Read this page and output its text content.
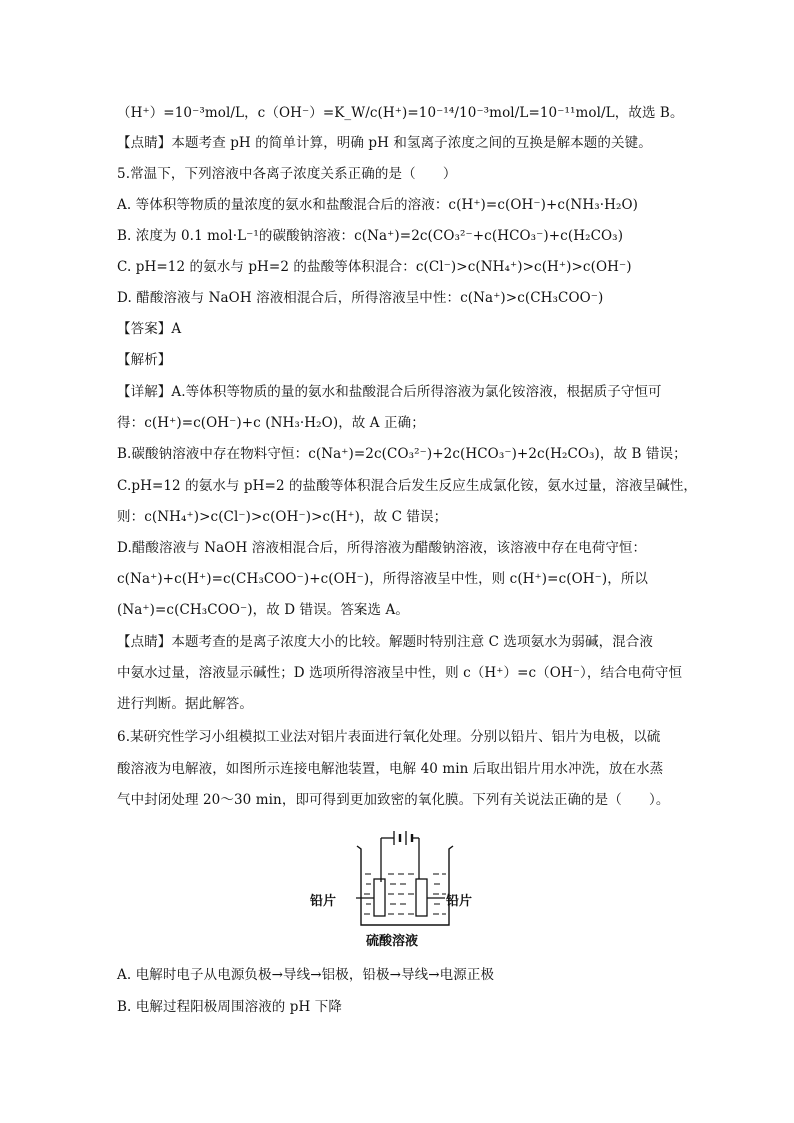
（H⁺）=10⁻³mol/L，c（OH⁻）=K_W/c(H⁺)=10⁻¹⁴/10⁻³mol/L=10⁻¹¹mol/L，故选 B。
【点睛】本题考查 pH 的简单计算，明确 pH 和氢离子浓度之间的互换是解本题的关键。
5.常温下，下列溶液中各离子浓度关系正确的是（　　）
A. 等体积等物质的量浓度的氨水和盐酸混合后的溶液：c(H⁺)=c(OH⁻)+c(NH₃·H₂O)
B. 浓度为 0.1 mol·L⁻¹的碳酸钠溶液：c(Na⁺)=2c(CO₃²⁻+c(HCO₃⁻)+c(H₂CO₃)
C. pH=12 的氨水与 pH=2 的盐酸等体积混合：c(Cl⁻)>c(NH₄⁺)>c(H⁺)>c(OH⁻)
D. 醋酸溶液与 NaOH 溶液相混合后，所得溶液呈中性：c(Na⁺)>c(CH₃COO⁻)
【答案】A
【解析】
【详解】A.等体积等物质的量的氨水和盐酸混合后所得溶液为氯化铵溶液，根据质子守恒可
得：c(H⁺)=c(OH⁻)+c (NH₃·H₂O)，故 A 正确；
B.碳酸钠溶液中存在物料守恒：c(Na⁺)=2c(CO₃²⁻)+2c(HCO₃⁻)+2c(H₂CO₃)，故 B 错误；
C.pH=12 的氨水与 pH=2 的盐酸等体积混合后发生反应生成氯化铵，氨水过量，溶液呈碱性，
则：c(NH₄⁺)>c(Cl⁻)>c(OH⁻)>c(H⁺)，故 C 错误；
D.醋酸溶液与 NaOH 溶液相混合后，所得溶液为醋酸钠溶液，该溶液中存在电荷守恒：
c(Na⁺)+c(H⁺)=c(CH₃COO⁻)+c(OH⁻)，所得溶液呈中性，则 c(H⁺)=c(OH⁻)，所以
(Na⁺)=c(CH₃COO⁻)，故 D 错误。答案选 A。
【点睛】本题考查的是离子浓度大小的比较。解题时特别注意 C 选项氨水为弱碱，混合液
中氨水过量，溶液显示碱性；D 选项所得溶液呈中性，则 c（H⁺）=c（OH⁻），结合电荷守恒
进行判断。据此解答。
6.某研究性学习小组模拟工业法对铝片表面进行氧化处理。分别以铅片、铝片为电极，以硫
酸溶液为电解液，如图所示连接电解池装置，电解 40 min 后取出铝片用水冲洗，放在水蒸
气中封闭处理 20～30 min，即可得到更加致密的氧化膜。下列有关说法正确的是（　　）。
铅片	铅片
硫酸溶液
A. 电解时电子从电源负极→导线→铝极，铅极→导线→电源正极
B. 电解过程阳极周围溶液的 pH 下降
